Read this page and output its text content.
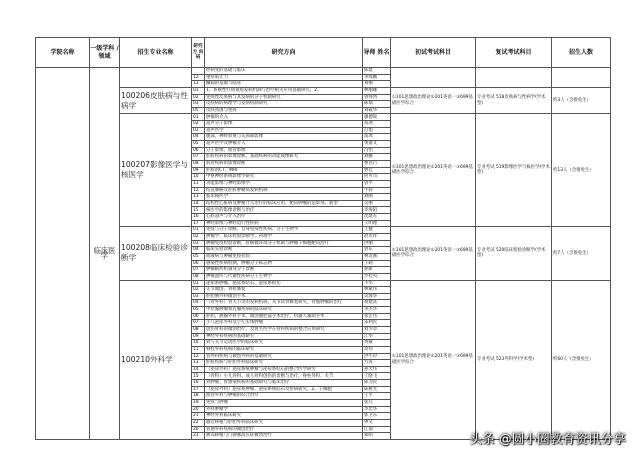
学院名称	一级学科 /领域	招生专业名称	研究方 向码	研究方向	导师 姓名	初试考试科目	复试考试科目	招生人数
	临床医学			经病变的基础与临床	陈建			
			12	重症肌无力	李海鹏			
			13	癫痫的基础与临床	刘丽			
		100206皮肤病与性病学	01	1、系统性红斑狼疮发病机制与治疗相关应用基础研究，2、	林丽雄	①101思想政治理论②201英语一③699基础医学综合	专业考试 518皮肤病与性病学(学术型)	约3人（含推免生）
			02	免疫性皮肤病与其发病的分子机制研究	曾得湾			
			03	皮肤病的病理学与发病机制研究	陈瑞			
			05	皮肤真菌与免疫	刘筱华			
		100207影像医学与核医学	01	肿瘤的介入	廖德锐	①101思想政治理论②201英语一③699基础医学综合	专业考试 519影像医学与核医学(学术型)	约13人（含推免生）
			02	超声分子影像	高冰			
			03	超声医学	吕旭			
			04	腹部、神经放射与头颈部影像	高冰			
			05	超声医学及肿瘤介入	黄嘉文			
			06	分子影像、血管影像	冯怡			
			07	肝脏疾病的影像诊断、基础疾病的功能成像研究	刘鹏			
			08	肌骨疾病的影像诊断	曹昌吕			
			09	肝脏的CT、MRI	曹佳			
			10	中枢神经系统影像学研究	何可司			
			11	功能影像与神经影像学	曾平			
			12	结直肠癌及肝脏肿瘤高发病机制	牛莉			
			13	临床核医学	刘刚			
			14	结构性心脏病及肿瘤介入治疗的临床应用，靶向肿瘤的造影剂，新型	吴丽			
			15	核医学的影像诊断与治疗	李海陌			
			16	心脏超声与介入治疗	沈建军			
			17	神经影像与神经退行性疾病	王明理			
		100208临床检验诊断学	01	免疫与分子诊断、自身免疫性疾病、分子生物学	王健	①101思想政治理论②201英语一③699基础医学综合	专业考试 520临床检验诊断学(学术型)	约7人（含推免生）
			02	肿瘤学、临床检验诊断学、药理学	赵永祥			
			03	肿瘤免疫检验诊断，肝癌微环境分子机制与肿瘤干细胞靶向治疗	洪丽			
			04	临床实验诊断	曾东			
			05	血液病与肿瘤免疫检验	林龙刚			
			06	感染性疾病检测、肿瘤分子标志物	王硕			
			07	肿瘤耐药机制及分子诊断	孙新			
			08	肿瘤遗传与代谢性疾病分子生物学	罗桂英			
		100210外科学	01	泌尿系肿瘤、泌尿系结石、泌尿系损伤	卞华	①101思想政治理论②201英语一③699基础医学综合	专业考试 523外科学(学术型)	约60人（含推免生）
			02	关节微创、骨折修复	林斌伟			
			03	肝胆胰外科微创手术	吴海华			
			04	（骨外科）骨关节炎的发病机制，关节软骨修复研究、骨骼肿瘤的治疗	胡建富			
			05	甲状腺肿瘤和乳腺疾病的临床研究	李杰华			
			06	肝胆、胰腺外科手术、微创腹腔镜手术治疗、机器人辅助手术	张宏伟			
			07	小儿泌尿外科及小儿实体肿瘤	宋利民			
			08	创伤骨科的微创治疗，及再生医学在骨科疾病的整合应用研究	刘少章			
			09	神经外科疾病的基础研究	江华			
			10	骨与关节运动医学的临床研究	黄敏			
			11	脊柱外科疾病的临床研究	高伟			
			12	普外科疾病与微创外科的基础研究	洪小玲			
			13	肝脏疾病与肝胆外科临床研究	方涛			
			14	（泌尿外科）泌尿系统肿瘤与泌尿系结石的整合医学研究	孙大伟			
			15	（骨科）小儿骨科、成人骨科创伤的诊断与治疗、脊柱外科、关节	丁晓飞			
			16	骨肿瘤、骨感染疾病的基础研究与临床治疗	陈为民			
			17	（泌尿外科）泌尿系肿瘤、泌尿系统结石及疾病研究，2、干细胞	陈树光			
			18	血管外科与肿瘤的综合治疗	王平			
			19	免疫与肿瘤	张元			
			20	外科肿瘤学	李忠华			
			21	神经外科临床研究	郭卫东			
			22	器官移植与肝胆外科临床研究	钟文			
			20	普通外科疾病的微创治疗	江黎			
			21	胰岛移植与门静脉高压症微创治疗	郑明				头条 @圆小圈教育资讯分享
